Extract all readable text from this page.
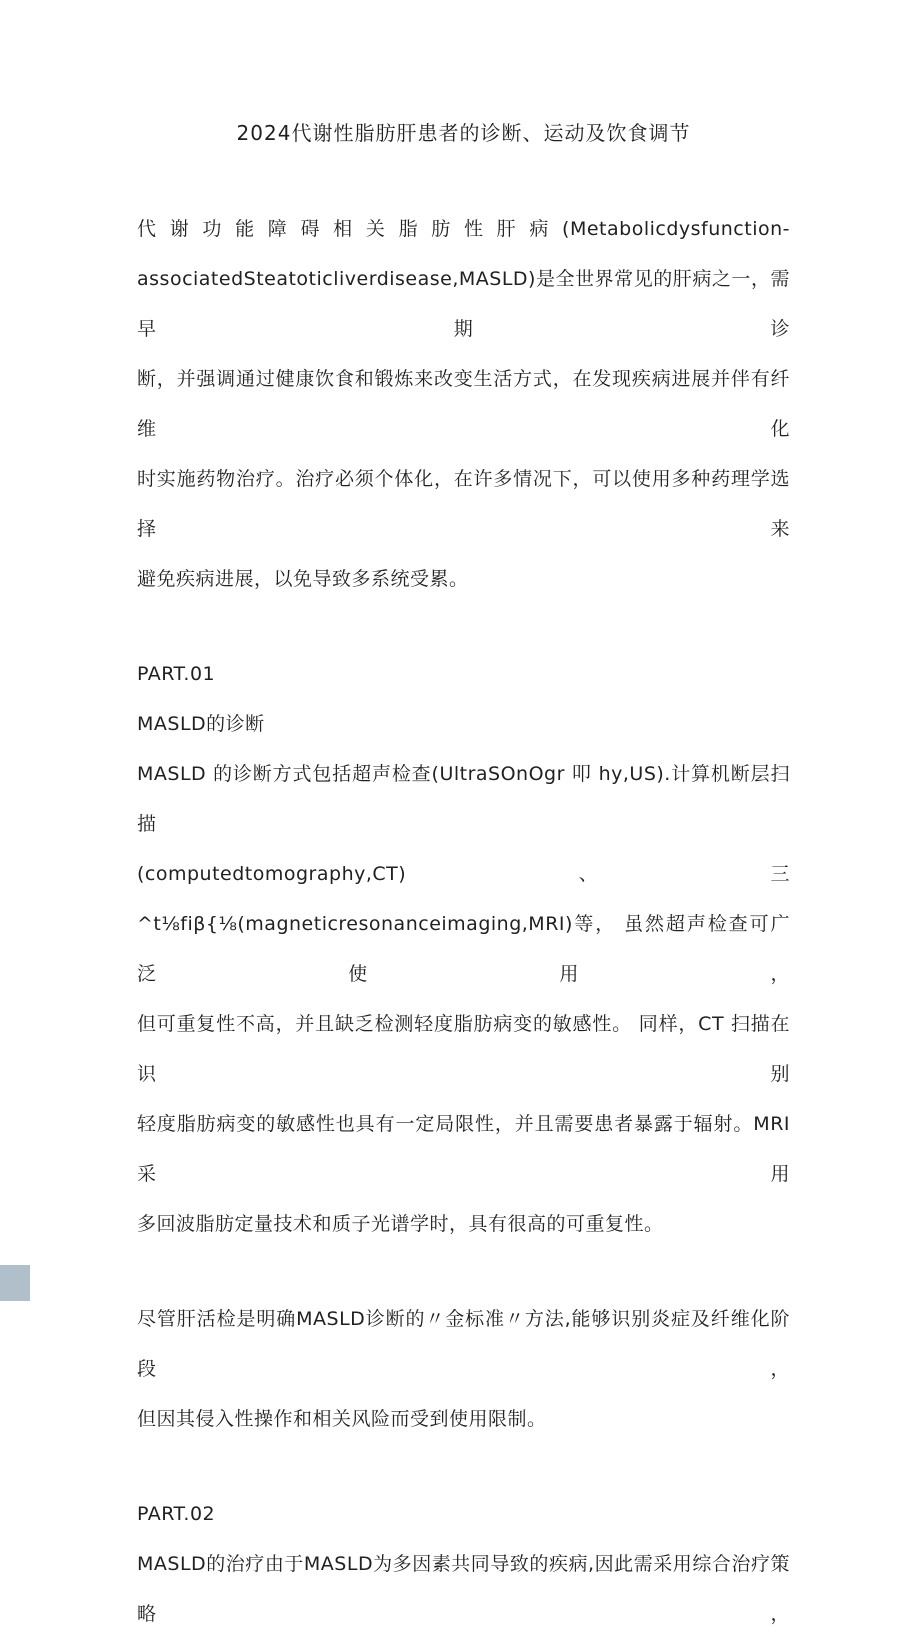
2024代谢性脂肪肝患者的诊断、运动及饮食调节
代谢功能障碍相关脂肪性肝病(Metabolicdysfunction-
associatedSteatoticliverdisease,MASLD)是全世界常见的肝病之一，需早期诊
断，并强调通过健康饮食和锻炼来改变生活方式，在发现疾病进展并伴有纤维化
时实施药物治疗。治疗必须个体化，在许多情况下，可以使用多种药理学选择来
避免疾病进展，以免导致多系统受累。
PART.01
MASLD的诊断
MASLD 的诊断方式包括超声检查(UltraSOnOgr 叩 hy,US).计算机断层扫描
(computedtomography,CT)、三
^t⅛fiβ{⅛(magneticresonanceimaging,MRI)等， 虽然超声检查可广泛使用，
但可重复性不高，并且缺乏检测轻度脂肪病变的敏感性。 同样，CT 扫描在识别
轻度脂肪病变的敏感性也具有一定局限性，并且需要患者暴露于辐射。MRI 采用
多回波脂肪定量技术和质子光谱学时，具有很高的可重复性。
尽管肝活检是明确MASLD诊断的〃金标准〃方法,能够识别炎症及纤维化阶段，
但因其侵入性操作和相关风险而受到使用限制。
PART.02
MASLD的治疗由于MASLD为多因素共同导致的疾病,因此需采用综合治疗策略，
